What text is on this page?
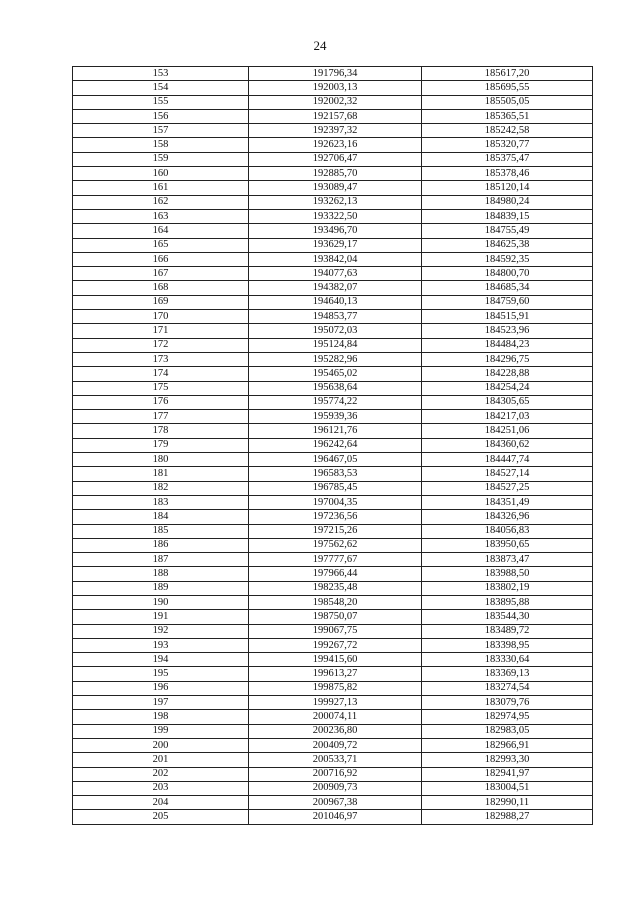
24
153	191796,34	185617,20
154	192003,13	185695,55
155	192002,32	185505,05
156	192157,68	185365,51
157	192397,32	185242,58
158	192623,16	185320,77
159	192706,47	185375,47
160	192885,70	185378,46
161	193089,47	185120,14
162	193262,13	184980,24
163	193322,50	184839,15
164	193496,70	184755,49
165	193629,17	184625,38
166	193842,04	184592,35
167	194077,63	184800,70
168	194382,07	184685,34
169	194640,13	184759,60
170	194853,77	184515,91
171	195072,03	184523,96
172	195124,84	184484,23
173	195282,96	184296,75
174	195465,02	184228,88
175	195638,64	184254,24
176	195774,22	184305,65
177	195939,36	184217,03
178	196121,76	184251,06
179	196242,64	184360,62
180	196467,05	184447,74
181	196583,53	184527,14
182	196785,45	184527,25
183	197004,35	184351,49
184	197236,56	184326,96
185	197215,26	184056,83
186	197562,62	183950,65
187	197777,67	183873,47
188	197966,44	183988,50
189	198235,48	183802,19
190	198548,20	183895,88
191	198750,07	183544,30
192	199067,75	183489,72
193	199267,72	183398,95
194	199415,60	183330,64
195	199613,27	183369,13
196	199875,82	183274,54
197	199927,13	183079,76
198	200074,11	182974,95
199	200236,80	182983,05
200	200409,72	182966,91
201	200533,71	182993,30
202	200716,92	182941,97
203	200909,73	183004,51
204	200967,38	182990,11
205	201046,97	182988,27
